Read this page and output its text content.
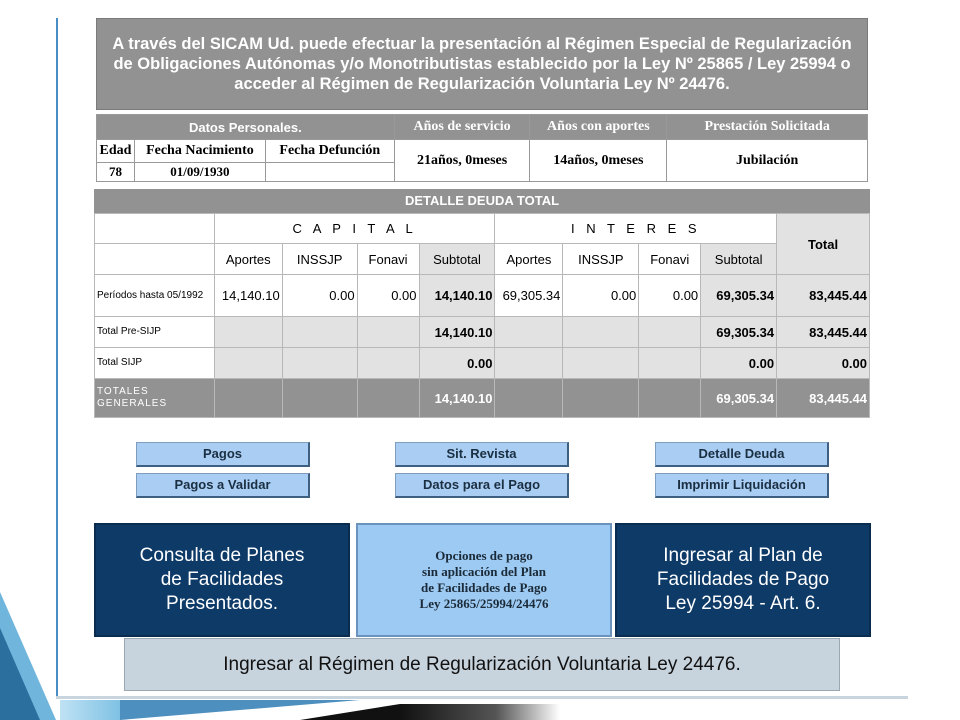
A través del SICAM Ud. puede efectuar la presentación al Régimen Especial de Regularización de Obligaciones Autónomas y/o Monotributistas establecido por la Ley Nº 25865 / Ley 25994 o acceder al Régimen de Regularización Voluntaria Ley Nº 24476.
Datos Personales.			Años de servicio	Años con aportes	Prestación Solicitada
Edad	Fecha Nacimiento	Fecha Defunción	21años, 0meses	14años, 0meses	Jubilación
78	01/09/1930				
DETALLE DEUDA TOTAL
	C A P I T A L				I N T E R E S				Total
	Aportes	INSSJP	Fonavi	Subtotal	Aportes	INSSJP	Fonavi	Subtotal	
Períodos hasta 05/1992	14,140.10	0.00	0.00	14,140.10	69,305.34	0.00	0.00	69,305.34	83,445.44
Total Pre-SIJP				14,140.10				69,305.34	83,445.44
Total SIJP				0.00				0.00	0.00
TOTALES GENERALES				14,140.10				69,305.34	83,445.44
Pagos	Sit. Revista	Detalle Deuda
Pagos a Validar	Datos para el Pago	Imprimir Liquidación
Consulta de Planes
de Facilidades
Presentados.
Opciones de pago
sin aplicación del Plan
de Facilidades de Pago
Ley 25865/25994/24476
Ingresar al Plan de
Facilidades de Pago
Ley 25994 - Art. 6.
Ingresar al Régimen de Regularización Voluntaria Ley 24476.
